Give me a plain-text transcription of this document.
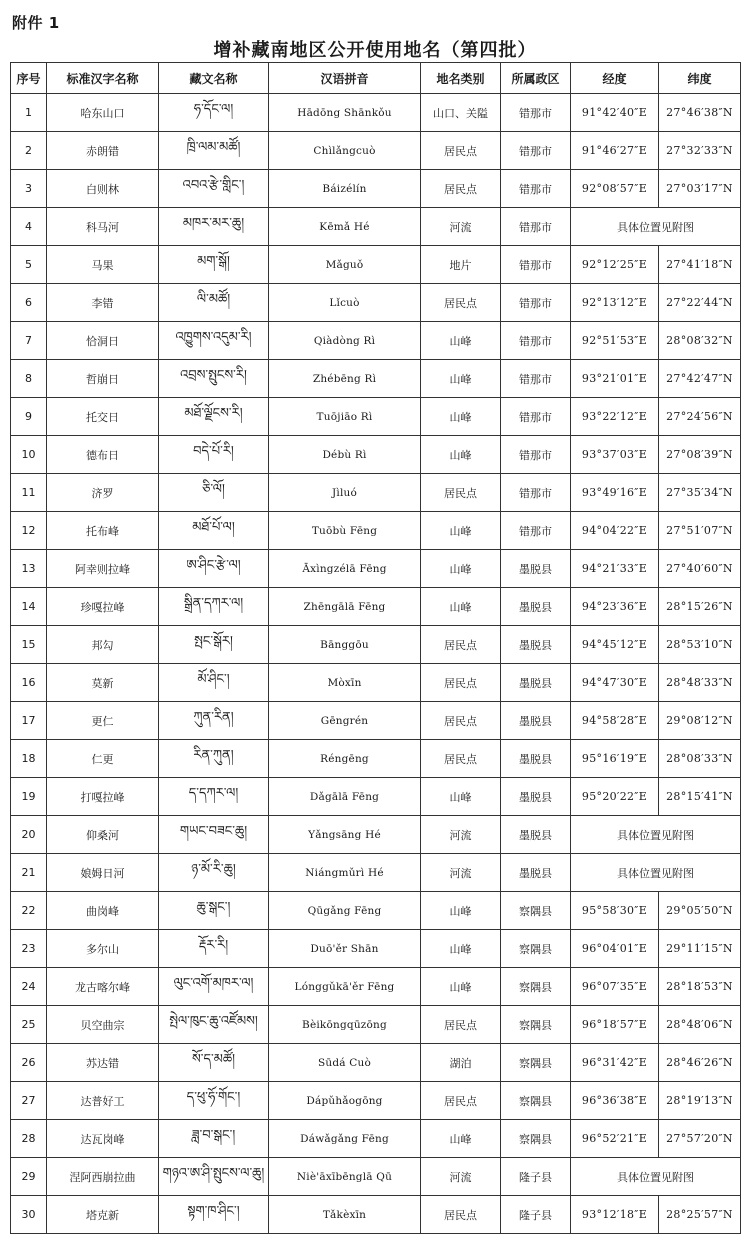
附件 1
增补藏南地区公开使用地名（第四批）
序号	标准汉字名称	藏文名称	汉语拼音	地名类别	所属政区	经度	纬度
1	哈东山口	ཧ་དོང་ལ།	Hādōng Shānkǒu	山口、关隘	错那市	91°42′40″E	27°46′38″N
2	赤朗错	ཁྲི་ལམ་མཚོ།	Chìlǎngcuò	居民点	错那市	91°46′27″E	27°32′33″N
3	白则林	འབའ་རྩེ་གླིང་།	Báizélín	居民点	错那市	92°08′57″E	27°03′17″N
4	科马河	མཁར་མར་ཆུ།	Kēmǎ Hé	河流	错那市	具体位置见附图	
5	马果	མག་སྒོ།	Mǎguǒ	地片	错那市	92°12′25″E	27°41′18″N
6	李错	ལི་མཚོ།	Lǐcuò	居民点	错那市	92°13′12″E	27°22′44″N
7	恰洞日	འཁྱུགས་འདུམ་རི།	Qiàdòng Rì	山峰	错那市	92°51′53″E	28°08′32″N
8	哲崩日	འབྲས་སྤུངས་རི།	Zhébēng Rì	山峰	错那市	93°21′01″E	27°42′47″N
9	托交日	མཐོ་ལྗོངས་རི།	Tuōjiāo Rì	山峰	错那市	93°22′12″E	27°24′56″N
10	德布日	བདེ་པོ་རི།	Débù Rì	山峰	错那市	93°37′03″E	27°08′39″N
11	济罗	ཅི་ལོ།	Jìluó	居民点	错那市	93°49′16″E	27°35′34″N
12	托布峰	མཐོ་པོ་ལ།	Tuōbù Fēng	山峰	错那市	94°04′22″E	27°51′07″N
13	阿幸则拉峰	ཨ་ཤིང་རྩེ་ལ།	Āxìngzélā Fēng	山峰	墨脱县	94°21′33″E	27°40′60″N
14	珍嘎拉峰	སྒྲིན་དཀར་ལ།	Zhēngālā Fēng	山峰	墨脱县	94°23′36″E	28°15′26″N
15	邦勾	སྤང་སྒོར།	Bānggōu	居民点	墨脱县	94°45′12″E	28°53′10″N
16	莫新	མོ་ཤིང་།	Mòxīn	居民点	墨脱县	94°47′30″E	28°48′33″N
17	更仁	ཀུན་རིན།	Gēngrén	居民点	墨脱县	94°58′28″E	29°08′12″N
18	仁更	རིན་ཀུན།	Réngēng	居民点	墨脱县	95°16′19″E	28°08′33″N
19	打嘎拉峰	ད་དཀར་ལ།	Dǎgālā Fēng	山峰	墨脱县	95°20′22″E	28°15′41″N
20	仰桑河	གཡང་བཟང་ཆུ།	Yǎngsāng Hé	河流	墨脱县	具体位置见附图	
21	娘姆日河	ཉ་མོ་རི་ཆུ།	Niángmǔrì Hé	河流	墨脱县	具体位置见附图	
22	曲岗峰	ཆུ་སྒང་།	Qūgǎng Fēng	山峰	察隅县	95°58′30″E	29°05′50″N
23	多尔山	རྡོར་རི།	Duō'ěr Shān	山峰	察隅县	96°04′01″E	29°11′15″N
24	龙古喀尔峰	ལུང་འགོ་མཁར་ལ།	Lónggǔkā'ěr Fēng	山峰	察隅县	96°07′35″E	28°18′53″N
25	贝空曲宗	སྤེལ་ཁུང་ཆུ་འཛོམས།	Bèikōngqūzōng	居民点	察隅县	96°18′57″E	28°48′06″N
26	苏达错	སོ་ད་མཚོ།	Sūdá Cuò	湖泊	察隅县	96°31′42″E	28°46′26″N
27	达普好工	ད་ཕུ་ཧོ་གོང་།	Dápǔhǎogōng	居民点	察隅县	96°36′38″E	28°19′13″N
28	达瓦岗峰	ཟླ་བ་སྒང་།	Dáwǎgǎng Fēng	山峰	察隅县	96°52′21″E	27°57′20″N
29	涅阿西崩拉曲	གཉའ་ཨ་ཤི་སྤུངས་ལ་ཆུ།	Niè'āxībēnglā Qū	河流	隆子县	具体位置见附图	
30	塔克新	སྟག་ཁ་ཤིང་།	Tǎkèxīn	居民点	隆子县	93°12′18″E	28°25′57″N
